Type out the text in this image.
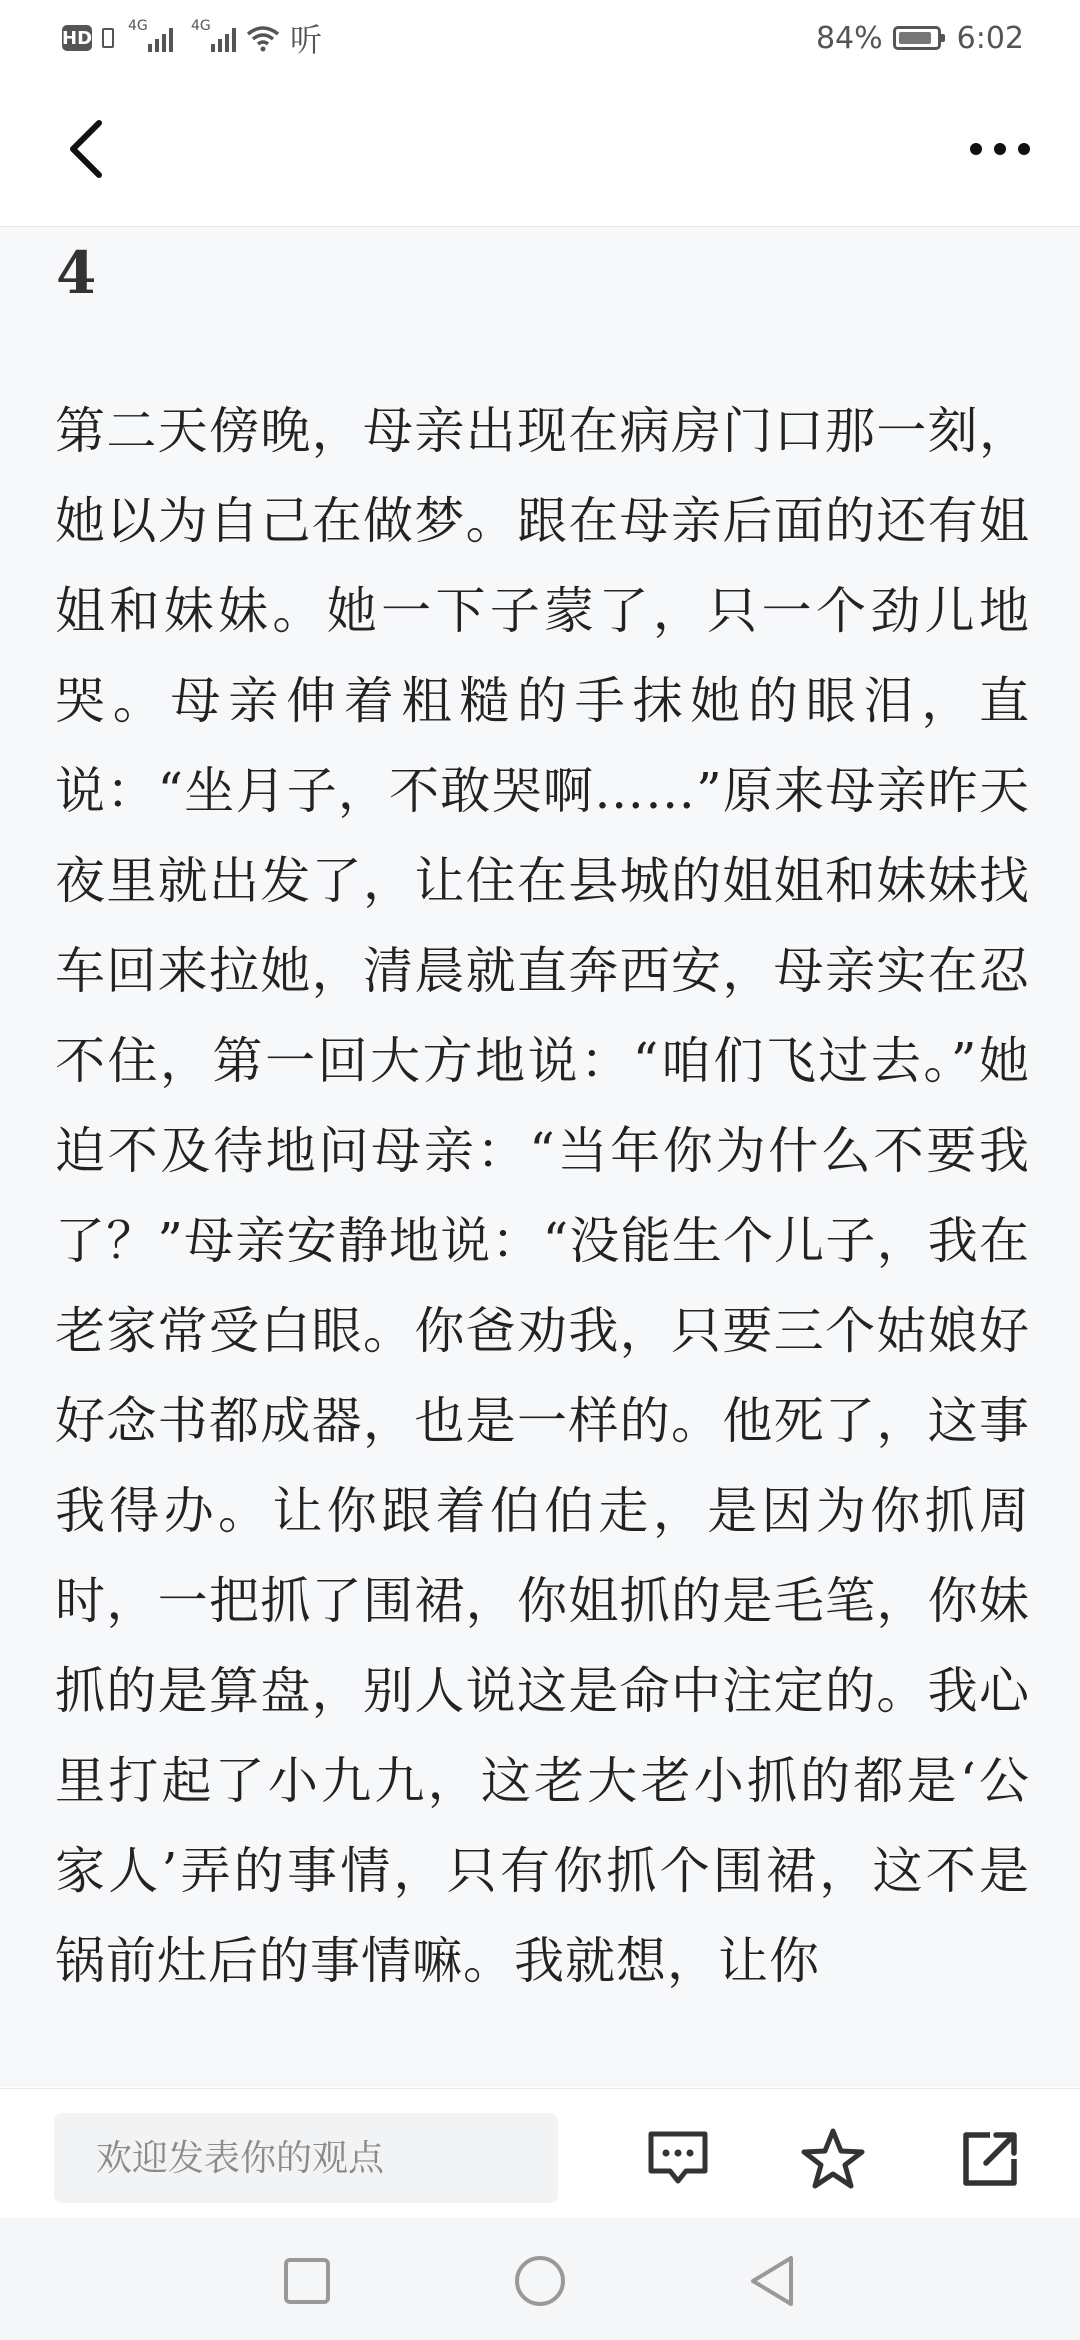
HD
4G	4G 听	84% 6:02
4
第二天傍晚，母亲出现在病房门口那一刻，她以为自己在做梦。跟在母亲后面的还有姐姐和妹妹。她一下子蒙了，只一个劲儿地哭。母亲伸着粗糙的手抹她的眼泪，直说：“坐月子，不敢哭啊……”原来母亲昨天夜里就出发了，让住在县城的姐姐和妹妹找车回来拉她，清晨就直奔西安，母亲实在忍不住，第一回大方地说：“咱们飞过去。”她迫不及待地问母亲：“当年你为什么不要我了？”母亲安静地说：“没能生个儿子，我在老家常受白眼。你爸劝我，只要三个姑娘好好念书都成器，也是一样的。他死了，这事我得办。让你跟着伯伯走，是因为你抓周时，一把抓了围裙，你姐抓的是毛笔，你妹抓的是算盘，别人说这是命中注定的。我心里打起了小九九，这老大老小抓的都是‘公家人’弄的事情，只有你抓个围裙，这不是锅前灶后的事情嘛。我就想，让你
欢迎发表你的观点
